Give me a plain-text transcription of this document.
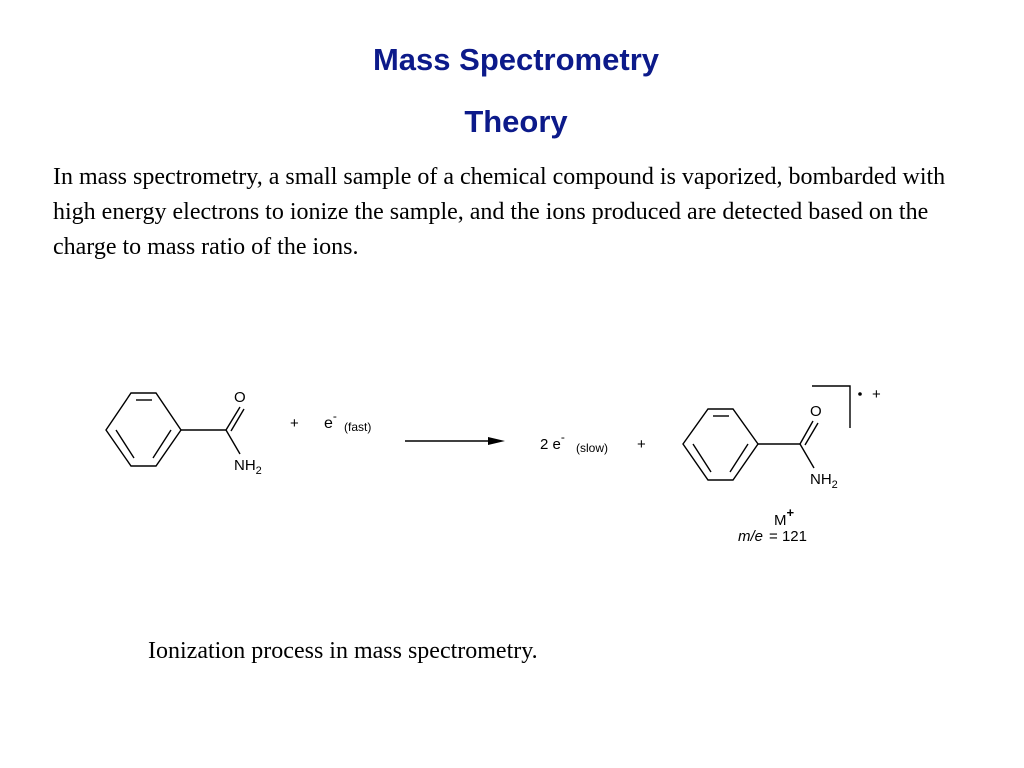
Mass Spectrometry
Theory

In mass spectrometry, a small sample of a chemical compound is vaporized, bombarded with high energy electrons to ionize the sample, and the ions produced are detected based on the charge to mass ratio of the ions.

O
$NH_2$
+ e-
(fast)
2 e-
(slow) +
O
$NH_2$
+
M+
m/e = 121

Ionization process in mass spectrometry.
